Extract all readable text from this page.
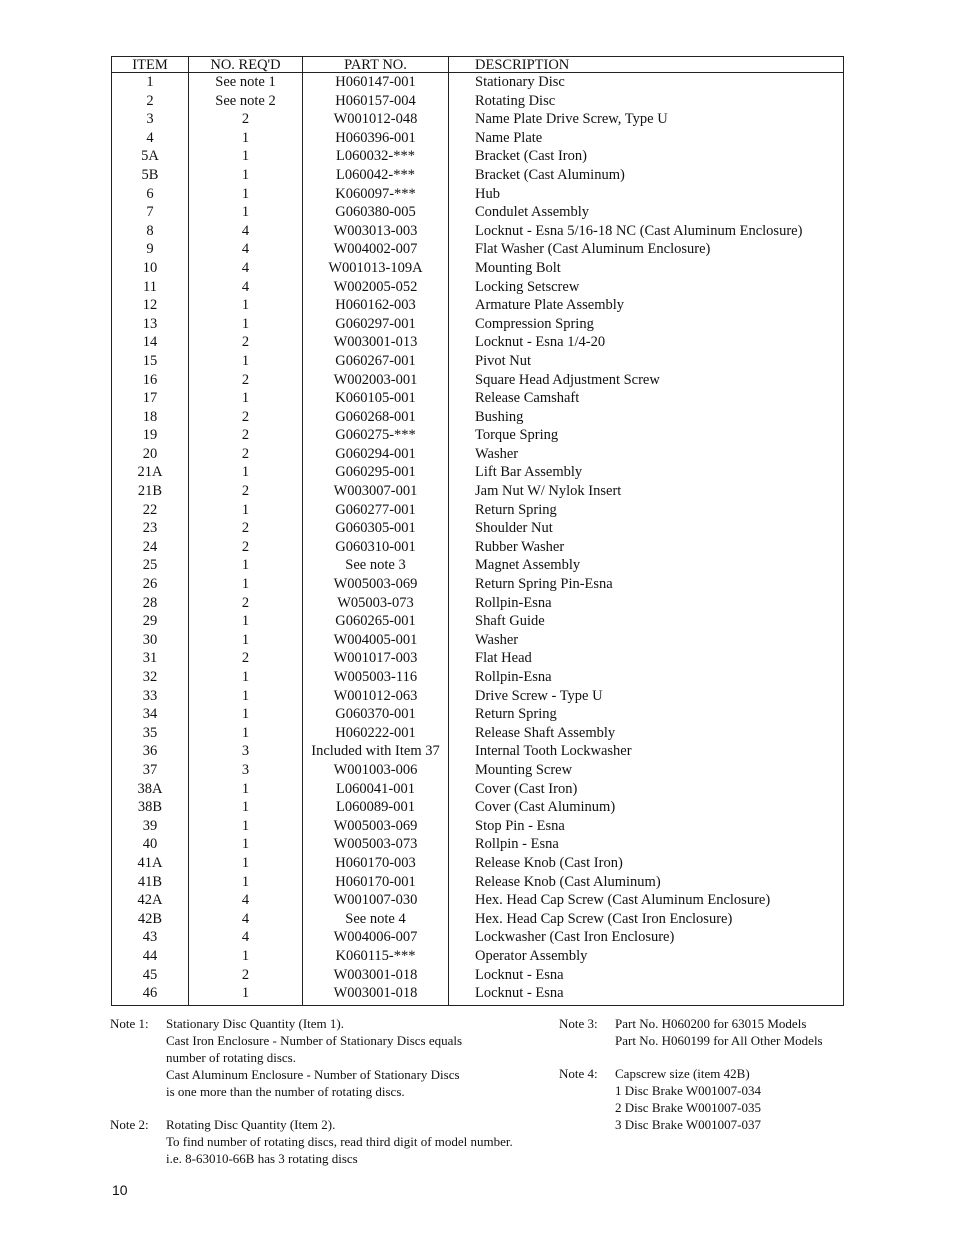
ITEM	NO. REQ'D	PART NO.	DESCRIPTION
1	See note 1	H060147-001	Stationary Disc
2	See note 2	H060157-004	Rotating Disc
3	2	W001012-048	Name Plate Drive Screw, Type U
4	1	H060396-001	Name Plate
5A	1	L060032-***	Bracket (Cast Iron)
5B	1	L060042-***	Bracket (Cast Aluminum)
6	1	K060097-***	Hub
7	1	G060380-005	Condulet Assembly
8	4	W003013-003	Locknut - Esna 5/16-18 NC (Cast Aluminum Enclosure)
9	4	W004002-007	Flat Washer (Cast Aluminum Enclosure)
10	4	W001013-109A	Mounting Bolt
11	4	W002005-052	Locking Setscrew
12	1	H060162-003	Armature Plate Assembly
13	1	G060297-001	Compression Spring
14	2	W003001-013	Locknut - Esna 1/4-20
15	1	G060267-001	Pivot Nut
16	2	W002003-001	Square Head Adjustment Screw
17	1	K060105-001	Release Camshaft
18	2	G060268-001	Bushing
19	2	G060275-***	Torque Spring
20	2	G060294-001	Washer
21A	1	G060295-001	Lift Bar Assembly
21B	2	W003007-001	Jam Nut W/ Nylok Insert
22	1	G060277-001	Return Spring
23	2	G060305-001	Shoulder Nut
24	2	G060310-001	Rubber Washer
25	1	See note 3	Magnet Assembly
26	1	W005003-069	Return Spring Pin-Esna
28	2	W05003-073	Rollpin-Esna
29	1	G060265-001	Shaft Guide
30	1	W004005-001	Washer
31	2	W001017-003	Flat Head
32	1	W005003-116	Rollpin-Esna
33	1	W001012-063	Drive Screw - Type U
34	1	G060370-001	Return Spring
35	1	H060222-001	Release Shaft Assembly
36	3	Included with Item 37	Internal Tooth Lockwasher
37	3	W001003-006	Mounting Screw
38A	1	L060041-001	Cover (Cast Iron)
38B	1	L060089-001	Cover (Cast Aluminum)
39	1	W005003-069	Stop Pin - Esna
40	1	W005003-073	Rollpin - Esna
41A	1	H060170-003	Release Knob (Cast Iron)
41B	1	H060170-001	Release Knob (Cast Aluminum)
42A	4	W001007-030	Hex. Head Cap Screw (Cast Aluminum Enclosure)
42B	4	See note 4	Hex. Head Cap Screw (Cast Iron Enclosure)
43	4	W004006-007	Lockwasher (Cast Iron Enclosure)
44	1	K060115-***	Operator Assembly
45	2	W003001-018	Locknut - Esna
46	1	W003001-018	Locknut - Esna
Note 1: Stationary Disc Quantity (Item 1).
Cast Iron Enclosure - Number of Stationary Discs equals
number of rotating discs.
Cast Aluminum Enclosure - Number of Stationary Discs
is one more than the number of rotating discs.
Note 2: Rotating Disc Quantity (Item 2).
To find number of rotating discs, read third digit of model number.
i.e. 8-63010-66B has 3 rotating discs
Note 3: Part No. H060200 for 63015 Models
Part No. H060199 for All Other Models
Note 4: Capscrew size (item 42B)
1 Disc Brake W001007-034
2 Disc Brake W001007-035
3 Disc Brake W001007-037
10
